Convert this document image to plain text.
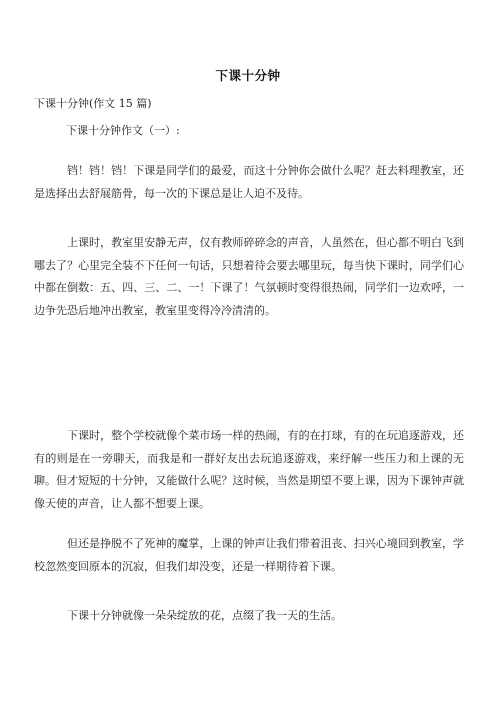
下课十分钟
下课十分钟(作文 15 篇)
下课十分钟作文（一）:

铛！铛！铛！下课是同学们的最爱，而这十分钟你会做什么呢？赶去料理教室，还是选择出去舒展筋骨，每一次的下课总是让人迫不及待。

上课时，教室里安静无声，仅有教师碎碎念的声音，人虽然在，但心都不明白飞到哪去了？心里完全装不下任何一句话，只想着待会要去哪里玩，每当快下课时，同学们心中都在倒数：五、四、三、二、一！下课了！气氛顿时变得很热闹，同学们一边欢呼，一边争先恐后地冲出教室，教室里变得冷冷清清的。

下课时，整个学校就像个菜市场一样的热闹，有的在打球，有的在玩追逐游戏，还有的则是在一旁聊天，而我是和一群好友出去玩追逐游戏，来纾解一些压力和上课的无聊。但才短短的十分钟，又能做什么呢？这时候，当然是期望不要上课，因为下课钟声就像天使的声音，让人都不想要上课。

但还是挣脱不了死神的魔掌，上课的钟声让我们带着沮丧、扫兴心境回到教室，学校忽然变回原本的沉寂，但我们却没变，还是一样期待着下课。

下课十分钟就像一朵朵绽放的花，点缀了我一天的生活。
